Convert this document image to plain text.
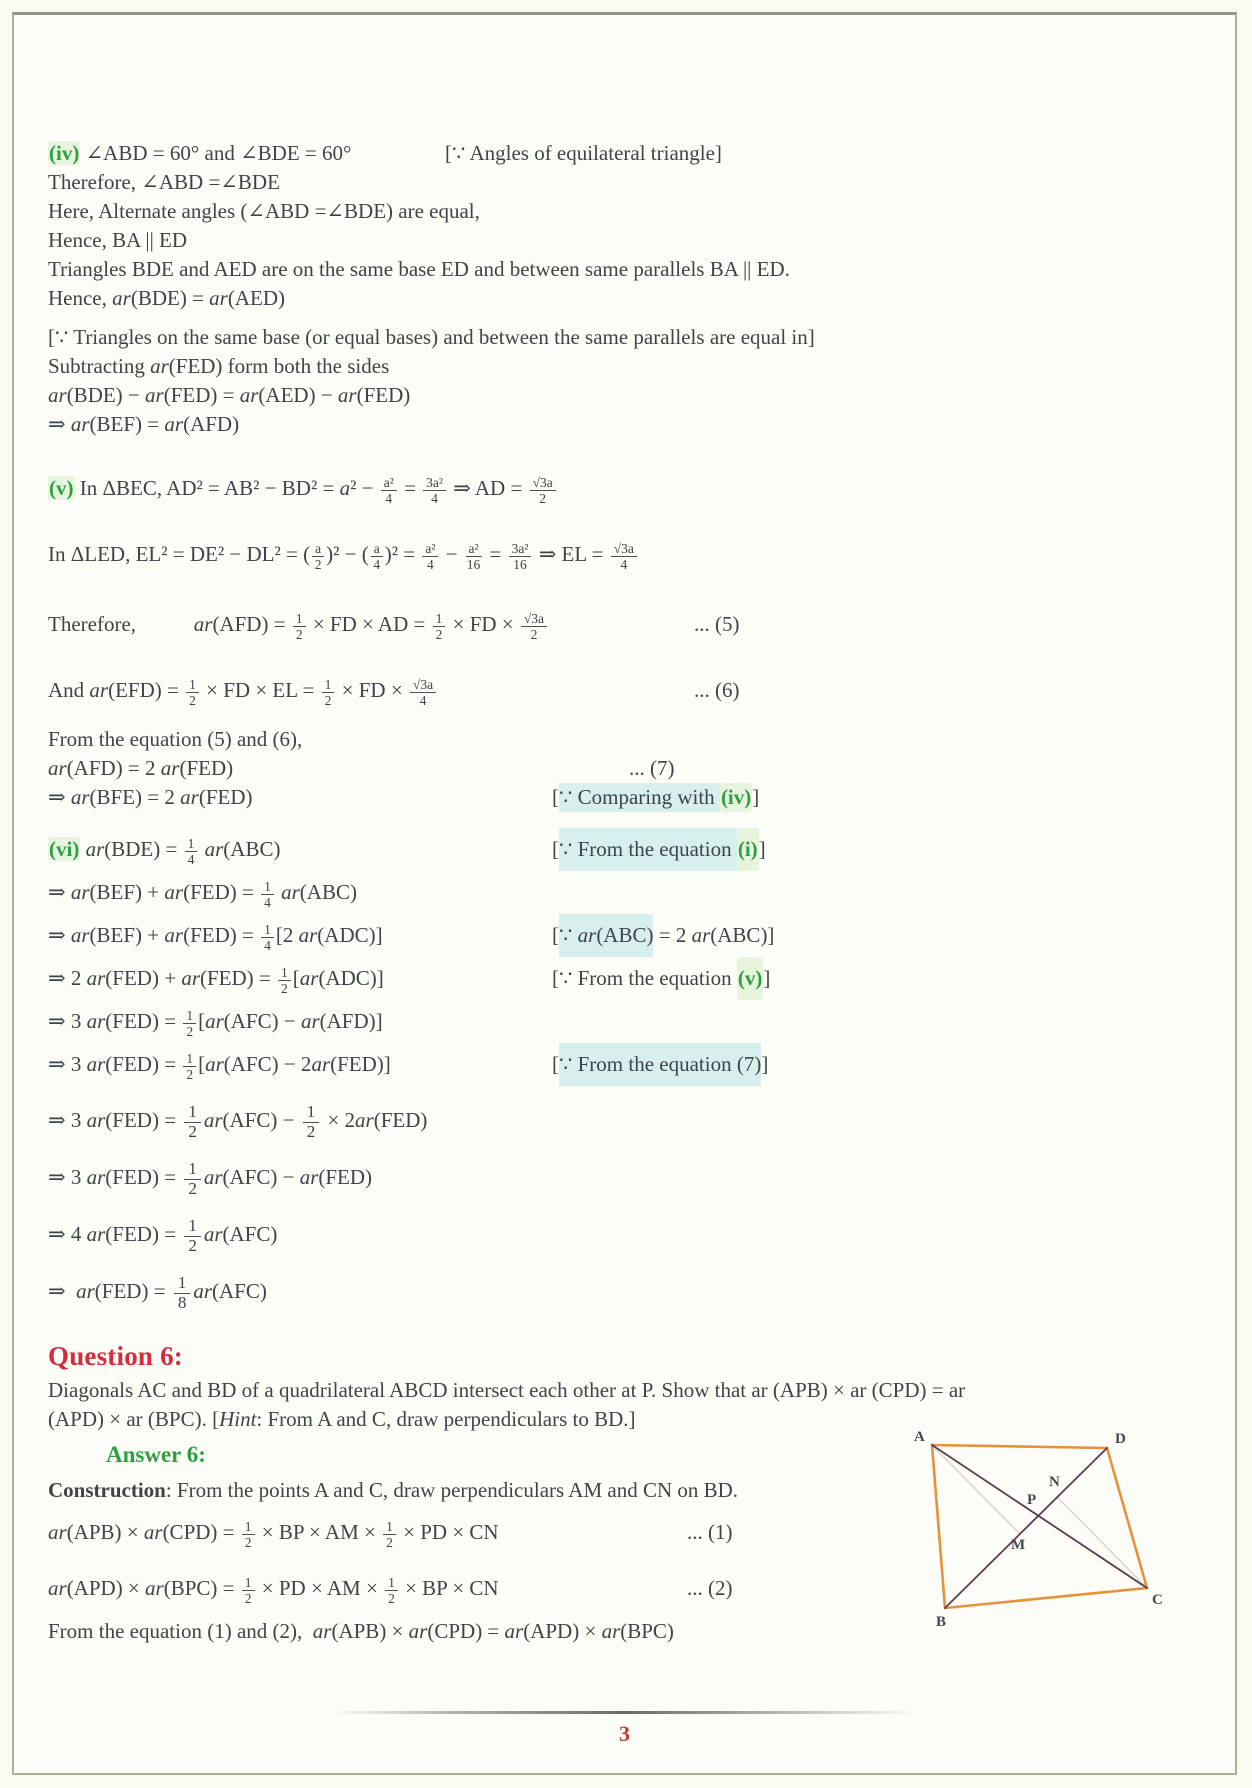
(iv) ∠ABD = 60° and ∠BDE = 60°	[∵ Angles of equilateral triangle]
Therefore, ∠ABD =∠BDE
Here, Alternate angles (∠ABD =∠BDE) are equal,
Hence, BA || ED
Triangles BDE and AED are on the same base ED and between same parallels BA || ED.
Hence, ar(BDE) = ar(AED)
[∵ Triangles on the same base (or equal bases) and between the same parallels are equal in]
Subtracting ar(FED) form both the sides
ar(BDE) − ar(FED) = ar(AED) − ar(FED)
⇒ ar(BEF) = ar(AFD)
(v) In ΔBEC, $AD^2 = AB^2 - BD^2 = a^2 - \frac{\text{a²}}{4} = \frac{\text{3a²}}{4}$ ⇒ AD = $\frac{√3a}{2}$
In ΔLED, EL² = DE² − DL² = ( $\frac{a}{2} )^2$ − ( $\frac{a}{4} )^2 = \frac{\text{a²}}{4} - \frac{\text{a²}}{16} = \frac{\text{3a²}}{16}$ ⇒ EL = $\frac{√3a}{4}$
Therefore,           $ar(AFD) = \frac{1}{2}$ × FD × AD = $\frac{1}{2}$ × FD × $\frac{√3a}{2}$	... (5)
And $ar(EFD) = \frac{1}{2}$ × FD × EL = $\frac{1}{2}$ × FD × $\frac{√3a}{4}$	... (6)
From the equation (5) and (6),
ar(AFD) = 2 ar(FED)	... (7)
⇒ ar(BFE) = 2 ar(FED)	[ ∵ Comparing with (iv) ]
(vi) $ar(BDE) = \frac{1}{4} ar(ABC)$	[ ∵ From the equation (i) ]
⇒ $ar(BEF) + ar(FED) = \frac{1}{4} ar(ABC)$
⇒ $ar(BEF) + ar(FED) = \frac{1}{4} [2$ ar(ADC)]	[ ∵ ar (ABC) = 2 ar (ABC)]
⇒ 2 $ar(FED) + ar(FED) = \frac{1}{2} [ar(ADC)]$	[∵ From the equation (v) ]
⇒ 3 $ar(FED) = \frac{1}{2} [ar(AFC) - ar(AFD)]$
⇒ 3 $ar(FED) = \frac{1}{2} [ar(AFC) - 2ar(FED)]$	[ ∵ From the equation (7) ]
⇒ 3 $ar(FED) = \frac{1}{2} ar(AFC) - \frac{1}{2} \times 2ar(FED)$
⇒ 3 $ar(FED) = \frac{1}{2} ar(AFC) - ar(FED)$
⇒ 4 $ar(FED) = \frac{1}{2} ar(AFC)$
⇒  $ar(FED) = \frac{1}{8} ar(AFC)$
Question 6:
Diagonals AC and BD of a quadrilateral ABCD intersect each other at P. Show that ar (APB) × ar (CPD) = ar
(APD) × ar (BPC). [Hint: From A and C, draw perpendiculars to BD.]
Answer 6:
Construction: From the points A and C, draw perpendiculars AM and CN on BD.
$ar(APB) \times ar(CPD) = \frac{1}{2}$ × BP × AM × $\frac{1}{2}$ × PD × CN	... (1)
$ar(APD) \times ar(BPC) = \frac{1}{2}$ × PD × AM × $\frac{1}{2}$ × BP × CN	... (2)
From the equation (1) and (2),  ar(APB) × ar(CPD) = ar(APD) × ar(BPC)
A	D
B
C
N
P
M
3
